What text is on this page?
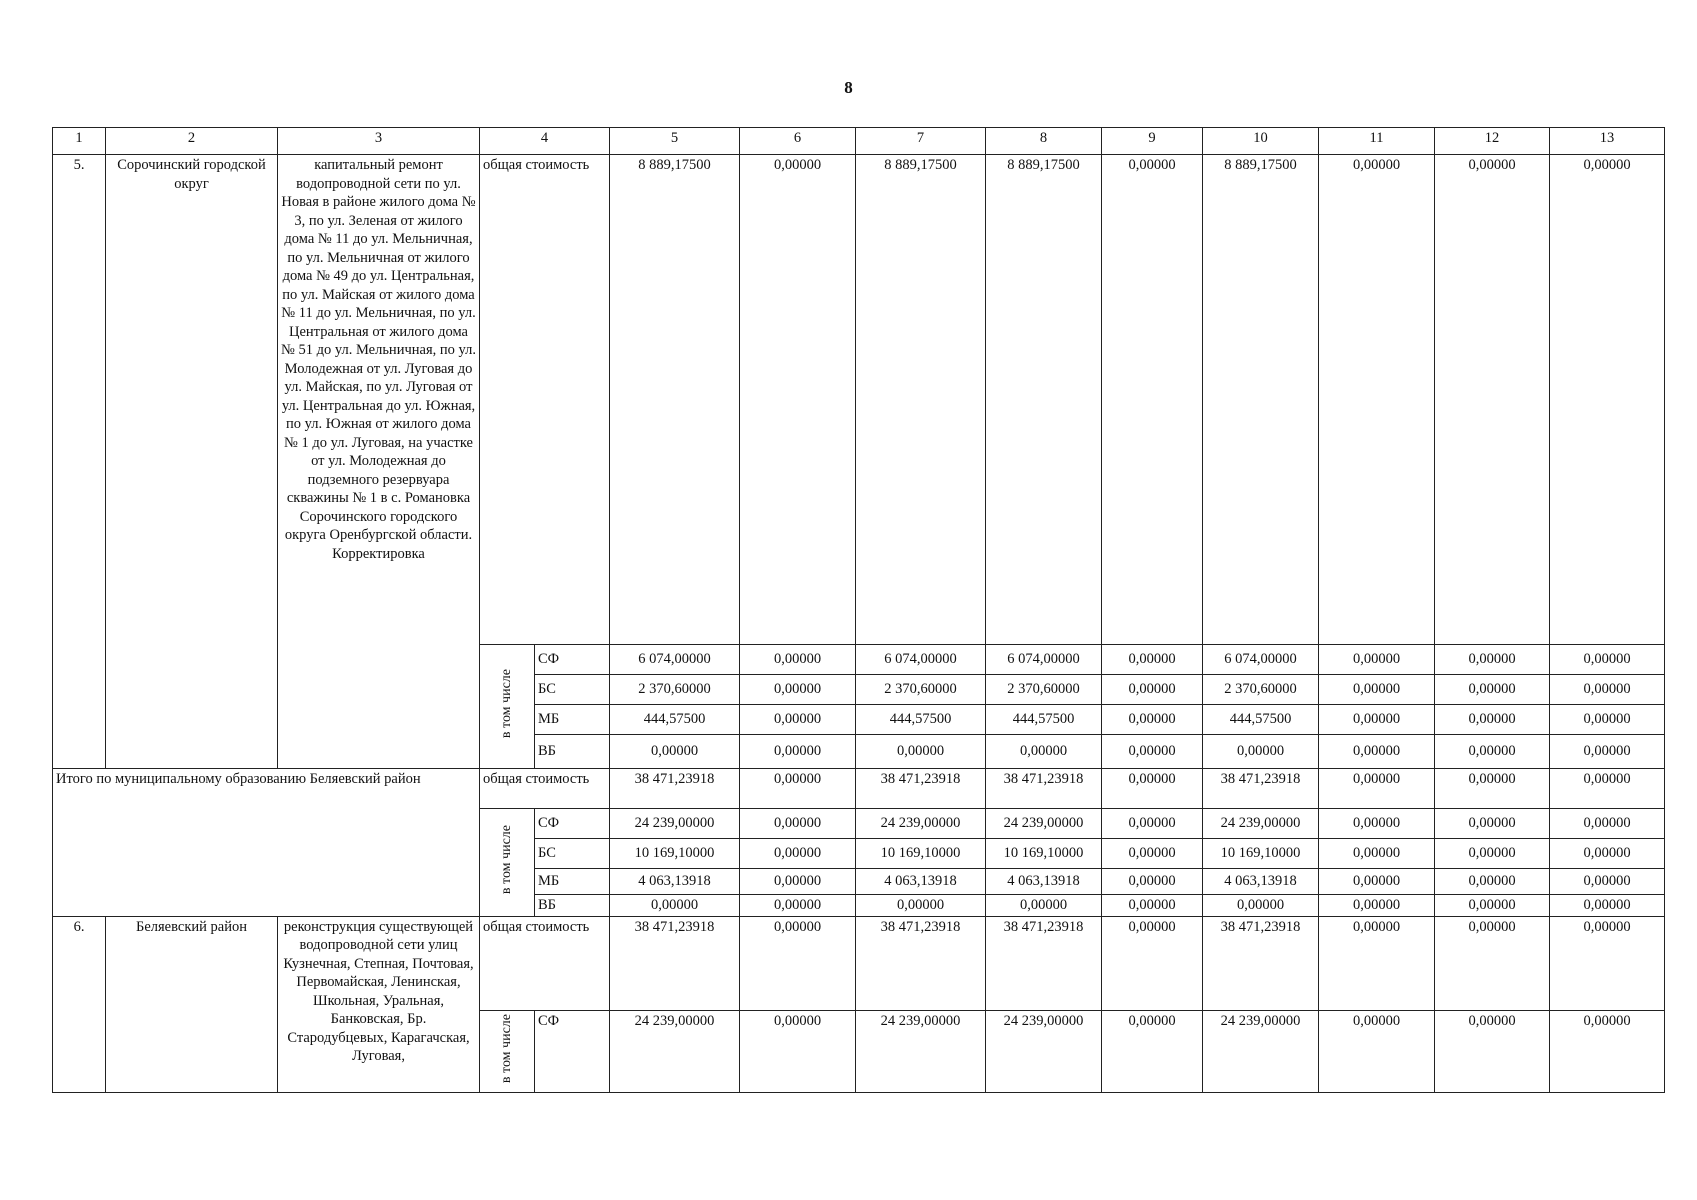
8
1	2	3	4		5	6	7	8	9	10	11	12	13
5.	Сорочинский городской округ	капитальный ремонт водопроводной сети по ул. Новая в районе жилого дома № 3, по ул. Зеленая от жилого дома № 11 до ул. Мельничная, по ул. Мельничная от жилого дома № 49 до ул. Центральная, по ул. Майская от жилого дома № 11 до ул. Мельничная, по ул. Центральная от жилого дома № 51 до ул. Мельничная, по ул. Молодежная от ул. Луговая до ул. Майская, по ул. Луговая от ул. Центральная до ул. Южная, по ул. Южная от жилого дома № 1 до ул. Луговая, на участке от ул. Молодежная до подземного резервуара скважины № 1 в с. Романовка Сорочинского городского округа Оренбургской области. Корректировка	общая стоимость		8 889,17500	0,00000	8 889,17500	8 889,17500	0,00000	8 889,17500	0,00000	0,00000	0,00000
			в том числе	СФ	6 074,00000	0,00000	6 074,00000	6 074,00000	0,00000	6 074,00000	0,00000	0,00000	0,00000
				БС	2 370,60000	0,00000	2 370,60000	2 370,60000	0,00000	2 370,60000	0,00000	0,00000	0,00000
				МБ	444,57500	0,00000	444,57500	444,57500	0,00000	444,57500	0,00000	0,00000	0,00000
				ВБ	0,00000	0,00000	0,00000	0,00000	0,00000	0,00000	0,00000	0,00000	0,00000
Итого по муниципальному образованию Беляевский район			общая стоимость		38 471,23918	0,00000	38 471,23918	38 471,23918	0,00000	38 471,23918	0,00000	0,00000	0,00000
			в том числе	СФ	24 239,00000	0,00000	24 239,00000	24 239,00000	0,00000	24 239,00000	0,00000	0,00000	0,00000
				БС	10 169,10000	0,00000	10 169,10000	10 169,10000	0,00000	10 169,10000	0,00000	0,00000	0,00000
				МБ	4 063,13918	0,00000	4 063,13918	4 063,13918	0,00000	4 063,13918	0,00000	0,00000	0,00000
				ВБ	0,00000	0,00000	0,00000	0,00000	0,00000	0,00000	0,00000	0,00000	0,00000
6.	Беляевский район	реконструкция существующей водопроводной сети улиц Кузнечная, Степная, Почтовая, Первомайская, Ленинская, Школьная, Уральная, Банковская, Бр. Стародубцевых, Карагачская, Луговая,	общая стоимость		38 471,23918	0,00000	38 471,23918	38 471,23918	0,00000	38 471,23918	0,00000	0,00000	0,00000
			в том числе	СФ	24 239,00000	0,00000	24 239,00000	24 239,00000	0,00000	24 239,00000	0,00000	0,00000	0,00000
